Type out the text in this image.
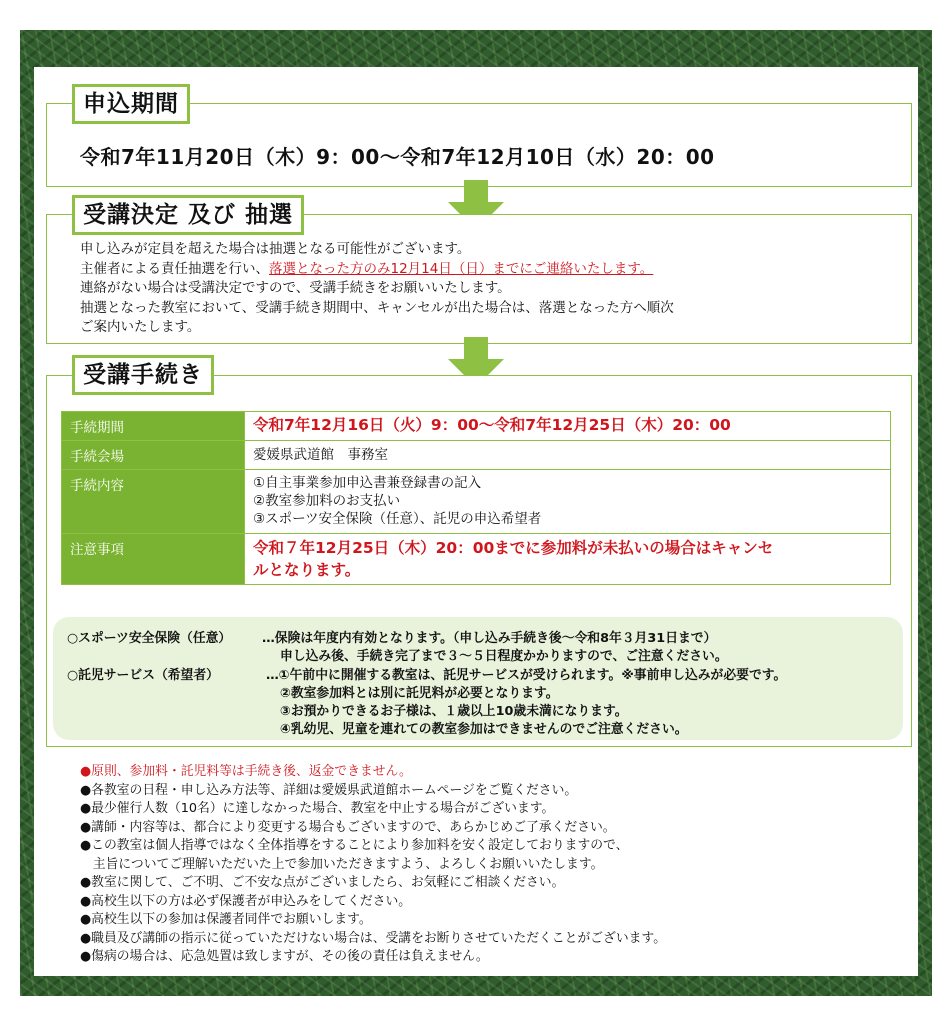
申込期間
令和7年11月20日（木）9：00〜令和7年12月10日（水）20：00
受講決定 及び 抽選
申し込みが定員を超えた場合は抽選となる可能性がございます。
主催者による責任抽選を行い、落選となった方のみ12月14日（日）までにご連絡いたします。
連絡がない場合は受講決定ですので、受講手続きをお願いいたします。
抽選となった教室において、受講手続き期間中、キャンセルが出た場合は、落選となった方へ順次
ご案内いたします。
受講手続き
手続期間	令和7年12月16日（火）9：00〜令和7年12月25日（木）20：00
手続会場	愛媛県武道館　事務室
手続内容	①自主事業参加申込書兼登録書の記入
②教室参加料のお支払い
③スポーツ安全保険（任意）、託児の申込希望者

注意事項	令和７年12月25日（木）20：00までに参加料が未払いの場合はキャンセ
ルとなります。
○スポーツ安全保険（任意） …保険は年度内有効となります。（申し込み手続き後〜令和8年３月31日まで）
申し込み後、手続き完了まで３〜５日程度かかりますので、ご注意ください。
○託児サービス（希望者）	…①午前中に開催する教室は、託児サービスが受けられます。※事前申し込みが必要です。
②教室参加料とは別に託児料が必要となります。
③お預かりできるお子様は、１歳以上10歳未満になります。
④乳幼児、児童を連れての教室参加はできませんのでご注意ください。
●原則、参加料・託児料等は手続き後、返金できません。
●各教室の日程・申し込み方法等、詳細は愛媛県武道館ホームページをご覧ください。
●最少催行人数（10名）に達しなかった場合、教室を中止する場合がございます。
●講師・内容等は、都合により変更する場合もございますので、あらかじめご了承ください。
●この教室は個人指導ではなく全体指導をすることにより参加料を安く設定しておりますので、
　主旨についてご理解いただいた上で参加いただきますよう、よろしくお願いいたします。
●教室に関して、ご不明、ご不安な点がございましたら、お気軽にご相談ください。
●高校生以下の方は必ず保護者が申込みをしてください。
●高校生以下の参加は保護者同伴でお願いします。
●職員及び講師の指示に従っていただけない場合は、受講をお断りさせていただくことがございます。
●傷病の場合は、応急処置は致しますが、その後の責任は負えません。
